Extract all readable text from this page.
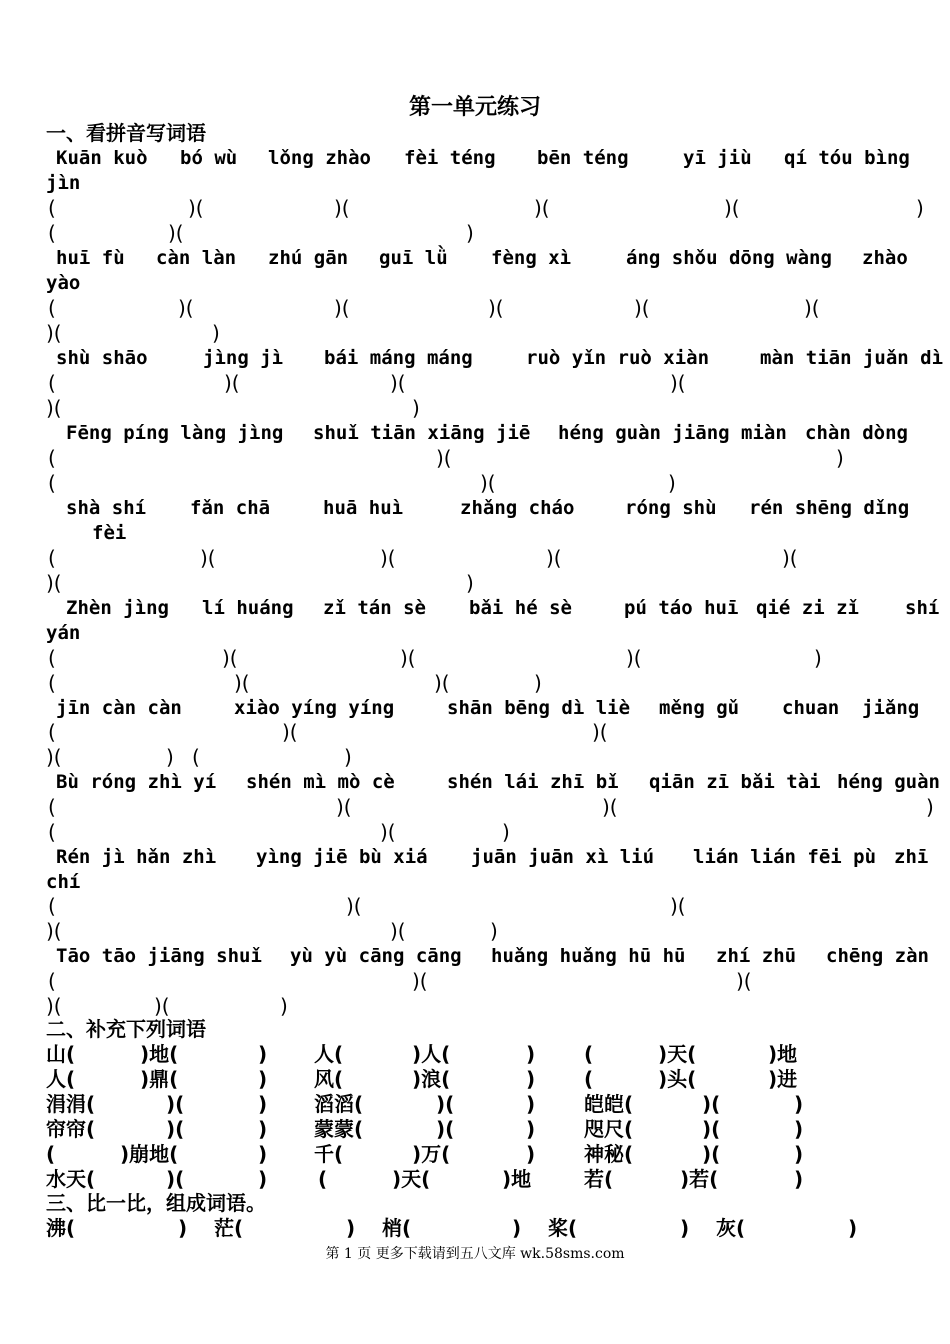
第一单元练习
一、看拼音写词语
Kuān kuò bó wù lǒng zhào fèi téng bēn téng	yī jiù qí tóu bìng
jìn
huī fù càn làn zhú gān guī lǜ fèng xì	áng shǒu dōng wàng zhào
yào
shù shāo	jìng jì bái máng máng	ruò yǐn ruò xiàn	màn tiān juǎn dì
Fēng píng làng jìng shuǐ tiān xiāng jiē héng guàn jiāng miàn chàn dòng
shà shí fǎn chā	huā huì	zhǎng cháo	róng shù rén shēng dǐng
fèi
Zhèn jìng lí huáng zǐ tán sè bǎi hé sè	pú táo huī qié zi zǐ shí
yán
jīn càn càn	xiào yíng yíng	shān bēng dì liè měng gǔ chuan jiǎng
Bù róng zhì yí shén mì mò cè	shén lái zhī bǐ qiān zī bǎi tài héng guàn
Rén jì hǎn zhì yìng jiē bù xiá juān juān xì liú lián lián fēi pù zhī
chí
Tāo tāo jiāng shuǐ yù yù cāng cāng huǎng huǎng hū hū zhí zhū chēng zàn
(	)(	)(	)(	)(	)
(	)(	)
(	)(	)(	)(	)(	)(
)(	)
(	)(	)(	)(
)(	)
(	)(	)
(	)(	)
(	)(	)(	)(	)(
)(	)
(	)(	)(	)(	)
(	)(	)(	)
(	)(	)(
)(	) (	)
(	)(	)(	)
(	)(	)
(	)(	)(
)(	)(	)
(	)(	)(
)(	)(	)
二、补充下列词语
山(	)地(	) 人(	)人(	) (	)天(	)地
人(	)鼎(	) 风(	)浪(	) (	)头(	)进
涓涓(	)(	) 滔滔(	)(	) 皑皑(	)(	)
帘帘(	)(	) 蒙蒙(	)(	) 咫尺(	)(	)
(	)崩地(	) 千(	)万(	) 神秘(	)(	)
水天(	)(	)	(	)天(	)地	若(	)若(	)
三、比一比，组成词语。
沸(	) 茫(	) 梢(	) 桨(	) 灰(	)
第 1 页 更多下载请到五八文库 wk.58sms.com
